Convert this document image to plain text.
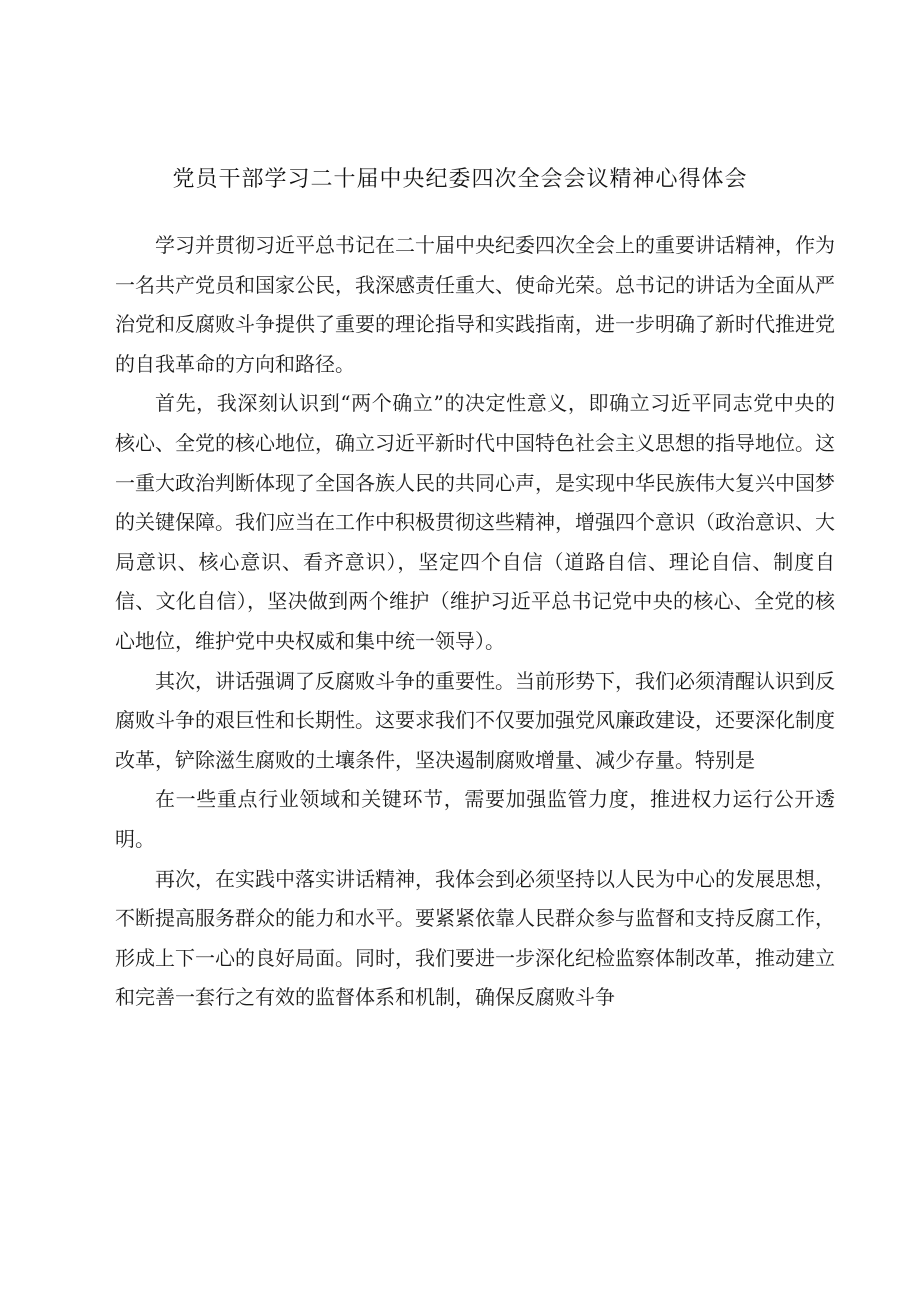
党员干部学习二十届中央纪委四次全会会议精神心得体会

学习并贯彻习近平总书记在二十届中央纪委四次全会上的重要讲话精神，作为一名共产党员和国家公民，我深感责任重大、使命光荣。总书记的讲话为全面从严治党和反腐败斗争提供了重要的理论指导和实践指南，进一步明确了新时代推进党的自我革命的方向和路径。

首先，我深刻认识到“两个确立”的决定性意义，即确立习近平同志党中央的核心、全党的核心地位，确立习近平新时代中国特色社会主义思想的指导地位。这一重大政治判断体现了全国各族人民的共同心声，是实现中华民族伟大复兴中国梦的关键保障。我们应当在工作中积极贯彻这些精神，增强四个意识（政治意识、大局意识、核心意识、看齐意识），坚定四个自信（道路自信、理论自信、制度自信、文化自信），坚决做到两个维护（维护习近平总书记党中央的核心、全党的核心地位，维护党中央权威和集中统一领导）。

其次，讲话强调了反腐败斗争的重要性。当前形势下，我们必须清醒认识到反腐败斗争的艰巨性和长期性。这要求我们不仅要加强党风廉政建设，还要深化制度改革，铲除滋生腐败的土壤条件，坚决遏制腐败增量、减少存量。特别是

在一些重点行业领域和关键环节，需要加强监管力度，推进权力运行公开透明。

再次，在实践中落实讲话精神，我体会到必须坚持以人民为中心的发展思想，不断提高服务群众的能力和水平。要紧紧依靠人民群众参与监督和支持反腐工作，形成上下一心的良好局面。同时，我们要进一步深化纪检监察体制改革，推动建立和完善一套行之有效的监督体系和机制，确保反腐败斗争
